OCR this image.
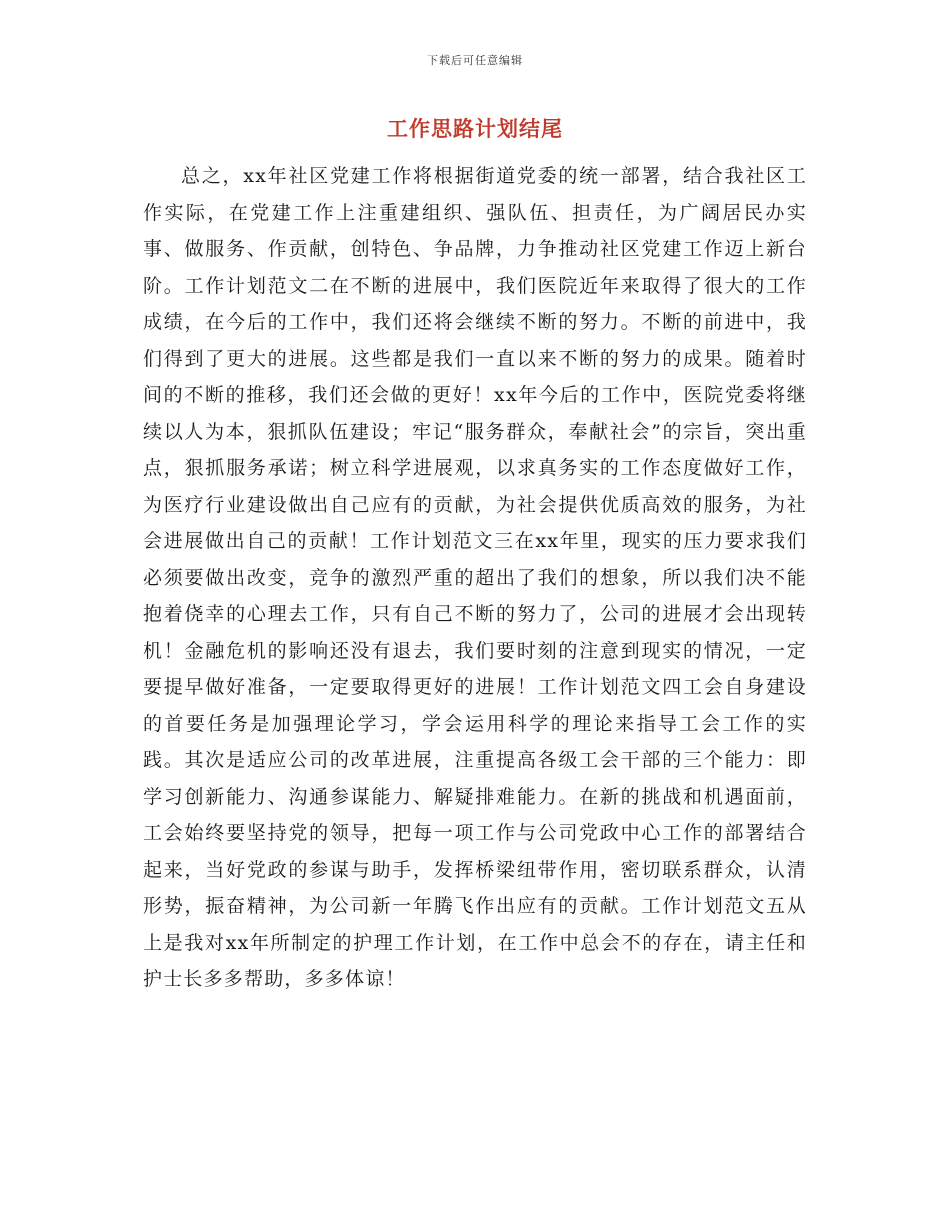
下载后可任意编辑
工作思路计划结尾

总之，xx年社区党建工作将根据街道党委的统一部署，结合我社区工作实际，在党建工作上注重建组织、强队伍、担责任，为广阔居民办实事、做服务、作贡献，创特色、争品牌，力争推动社区党建工作迈上新台阶。工作计划范文二在不断的进展中，我们医院近年来取得了很大的工作成绩，在今后的工作中，我们还将会继续不断的努力。不断的前进中，我们得到了更大的进展。这些都是我们一直以来不断的努力的成果。随着时间的不断的推移，我们还会做的更好！xx年今后的工作中，医院党委将继续以人为本，狠抓队伍建设；牢记“服务群众，奉献社会”的宗旨，突出重点，狠抓服务承诺；树立科学进展观，以求真务实的工作态度做好工作，为医疗行业建设做出自己应有的贡献，为社会提供优质高效的服务，为社会进展做出自己的贡献！工作计划范文三在xx年里，现实的压力要求我们必须要做出改变，竞争的激烈严重的超出了我们的想象，所以我们决不能抱着侥幸的心理去工作，只有自己不断的努力了，公司的进展才会出现转机！金融危机的影响还没有退去，我们要时刻的注意到现实的情况，一定要提早做好准备，一定要取得更好的进展！工作计划范文四工会自身建设的首要任务是加强理论学习，学会运用科学的理论来指导工会工作的实践。其次是适应公司的改革进展，注重提高各级工会干部的三个能力：即学习创新能力、沟通参谋能力、解疑排难能力。在新的挑战和机遇面前，工会始终要坚持党的领导，把每一项工作与公司党政中心工作的部署结合起来，当好党政的参谋与助手，发挥桥梁纽带作用，密切联系群众，认清形势，振奋精神，为公司新一年腾飞作出应有的贡献。工作计划范文五从上是我对xx年所制定的护理工作计划，在工作中总会不的存在，请主任和护士长多多帮助，多多体谅！
